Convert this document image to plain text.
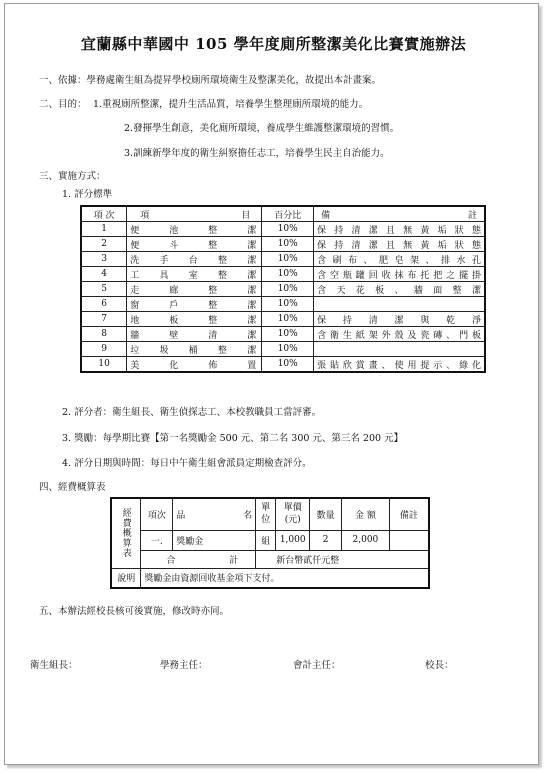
宜蘭縣中華國中 105 學年度廁所整潔美化比賽實施辦法
一、依據：學務處衛生組為提昇學校廁所環境衛生及整潔美化，故提出本計畫案。
二、目的： 1.重視廁所整潔，提升生活品質，培養學生整理廁所環境的能力。
2.發揮學生創意，美化廁所環境，養成學生維護整潔環境的習慣。
3.訓練新學年度的衛生糾察擔任志工，培養學生民主自治能力。
三、實施方式：
1. 評分標準
項 次	項 目	百分比	備 註

1	便池整潔	10%	保持清潔且無黃垢狀態
2	便斗整潔	10%	保持清潔且無黃垢狀態
3	洗手台整潔	10%	含刷布、肥皂架、排水孔
4	工具室整潔	10%	含空瓶罐回收抹布托把之擺掛
5	走廊整潔	10%	含天花板、牆面整潔
6	窗戶整潔	10%	
7	地板整潔	10%	保持清潔與乾淨
8	牆壁清潔	10%	含衛生紙架外殼及瓷磚、門板
9	垃圾桶整潔	10%	
10	美化佈置	10%	張貼欣賞畫、使用提示、綠化
2. 評分者：衛生組長、衛生偵探志工、本校教職員工當評審。
3. 獎勵：每學期比賽【第一名獎勵金 500 元、第二名 300 元、第三名 200 元】
4. 評分日期與時間：每日中午衛生組會派員定期檢查評分。
四、經費概算表
經費概算表	項次	品 名	單位	單價(元)	數量	金 額	備註
	一.	獎勵金	組	1,000	2	2,000	
	合 計		新台幣貳仟元整				
說明	獎勵金由資源回收基金項下支付。						
五、本辦法經校長核可後實施，修改時亦同。
衛生組長：	學務主任：	會計主任：	校長：
